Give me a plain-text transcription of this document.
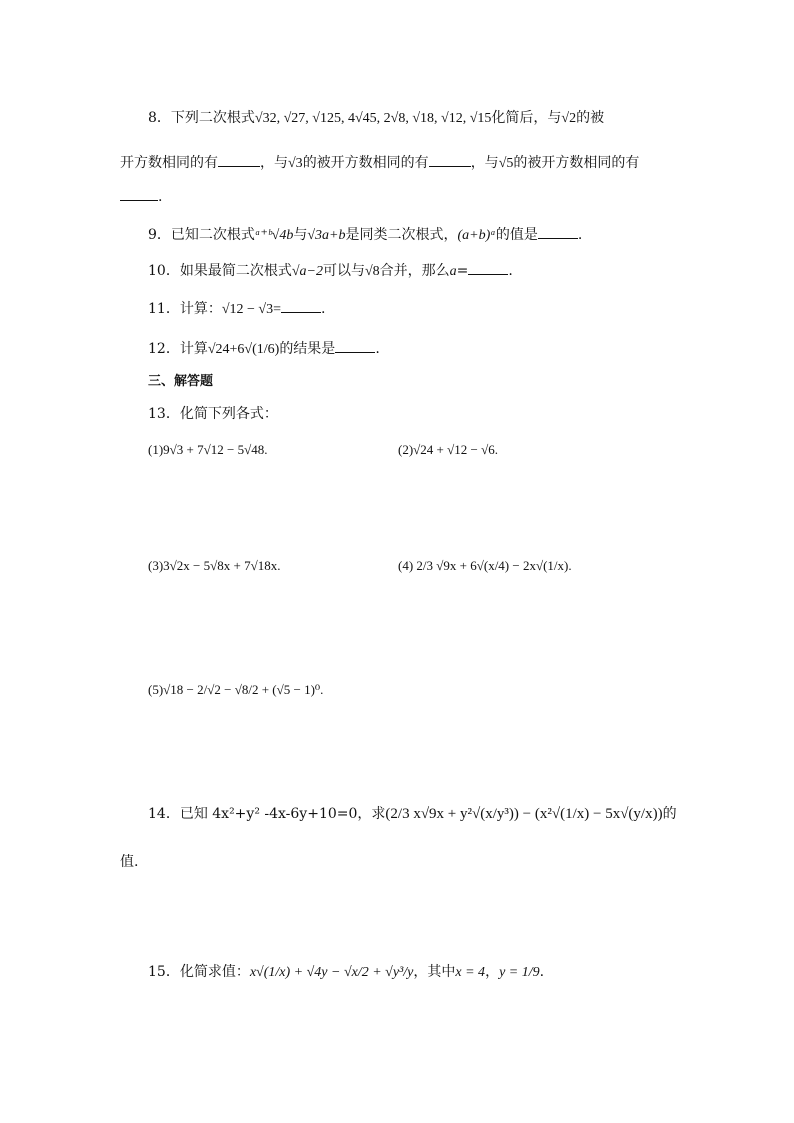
8．下列二次根式√32, √27, √125, 4√45, 2√8, √18, √12, √15化简后，与√2的被
开方数相同的有	，与√3的被开方数相同的有	，与√5的被开方数相同的有
.
9．已知二次根式ᵃ⁺ᵇ√4b与√3a+b是同类二次根式，(a+b)ᵃ的值是	.
10．如果最简二次根式√a−2可以与√8合并，那么a=	.
11．计算：√12 − √3=	.
12．计算√24+6√(1/6)的结果是	.
三、解答题
13．化简下列各式：
(1)9√3 + 7√12 − 5√48.	(2)√24 + √12 − √6.
(3)3√2x − 5√8x + 7√18x.	(4) 2/3 √9x + 6√(x/4) − 2x√(1/x).
(5)√18 − 2/√2 − √8/2 + (√5 − 1)⁰.
14．已知 4x²+y² -4x-6y+10=0，求(2/3 x√9x + y²√(x/y³)) − (x²√(1/x) − 5x√(y/x))的
值.
15．化简求值：x√(1/x) + √4y − √x/2 + √y³/y，其中x = 4，y = 1/9.
